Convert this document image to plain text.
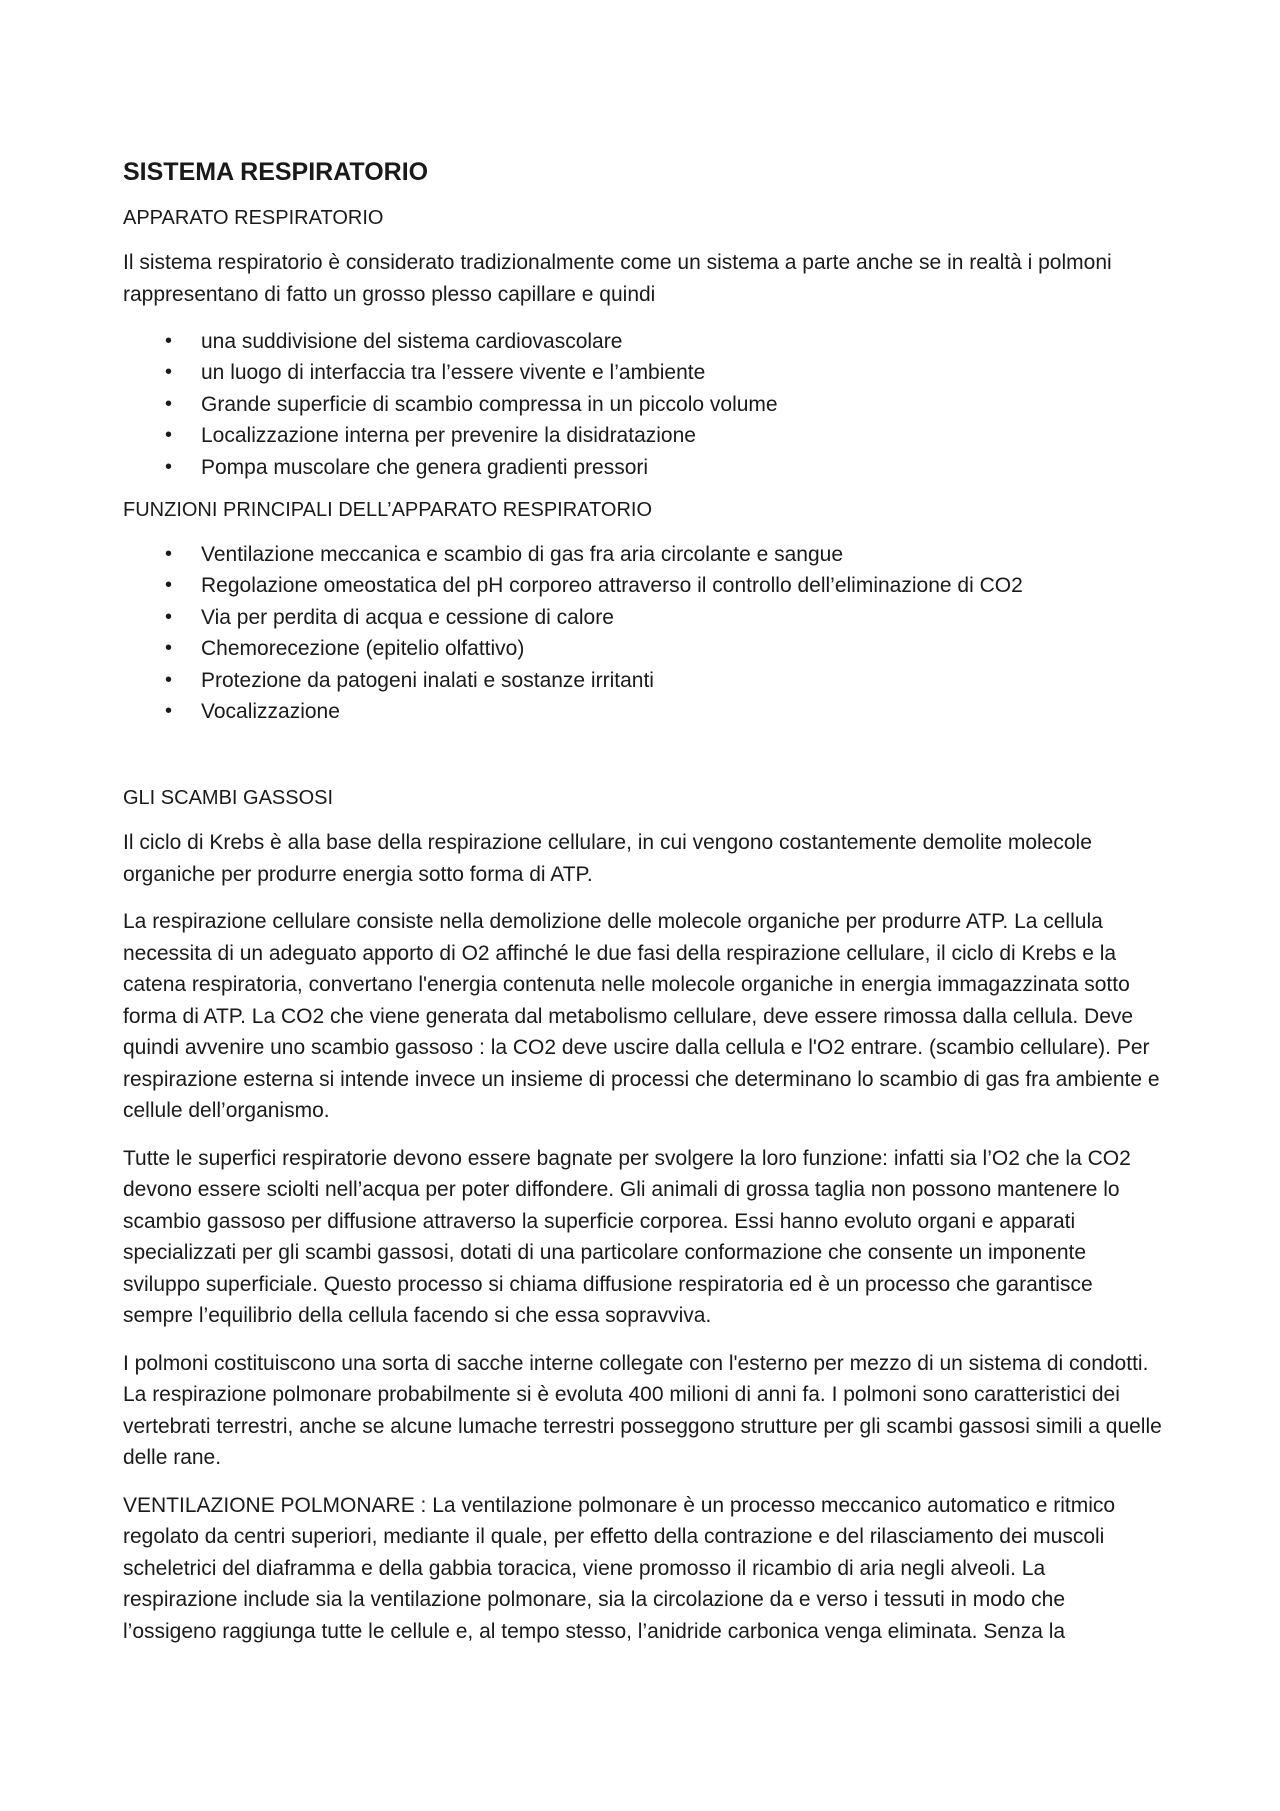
SISTEMA RESPIRATORIO
APPARATO RESPIRATORIO

Il sistema respiratorio è considerato tradizionalmente come un sistema a parte anche se in realtà i polmoni rappresentano di fatto un grosso plesso capillare e quindi

• una suddivisione del sistema cardiovascolare
• un luogo di interfaccia tra l’essere vivente e l’ambiente
• Grande superficie di scambio compressa in un piccolo volume
• Localizzazione interna per prevenire la disidratazione
• Pompa muscolare che genera gradienti pressori
FUNZIONI PRINCIPALI DELL’APPARATO RESPIRATORIO
• Ventilazione meccanica e scambio di gas fra aria circolante e sangue
• Regolazione omeostatica del pH corporeo attraverso il controllo dell’eliminazione di CO2
• Via per perdita di acqua e cessione di calore
• Chemorecezione (epitelio olfattivo)
• Protezione da patogeni inalati e sostanze irritanti
• Vocalizzazione
GLI SCAMBI GASSOSI

Il ciclo di Krebs è alla base della respirazione cellulare, in cui vengono costantemente demolite molecole organiche per produrre energia sotto forma di ATP.

La respirazione cellulare consiste nella demolizione delle molecole organiche per produrre ATP. La cellula necessita di un adeguato apporto di O2 affinché le due fasi della respirazione cellulare, il ciclo di Krebs e la catena respiratoria, convertano l'energia contenuta nelle molecole organiche in energia immagazzinata sotto forma di ATP. La CO2 che viene generata dal metabolismo cellulare, deve essere rimossa dalla cellula. Deve quindi avvenire uno scambio gassoso : la CO2 deve uscire dalla cellula e l'O2 entrare. (scambio cellulare). Per respirazione esterna si intende invece un insieme di processi che determinano lo scambio di gas fra ambiente e cellule dell’organismo.

Tutte le superfici respiratorie devono essere bagnate per svolgere la loro funzione: infatti sia l’O2 che la CO2 devono essere sciolti nell’acqua per poter diffondere. Gli animali di grossa taglia non possono mantenere lo scambio gassoso per diffusione attraverso la superficie corporea. Essi hanno evoluto organi e apparati specializzati per gli scambi gassosi, dotati di una particolare conformazione che consente un imponente sviluppo superficiale. Questo processo si chiama diffusione respiratoria ed è un processo che garantisce sempre l’equilibrio della cellula facendo si che essa sopravviva.

I polmoni costituiscono una sorta di sacche interne collegate con l'esterno per mezzo di un sistema di condotti. La respirazione polmonare probabilmente si è evoluta 400 milioni di anni fa. I polmoni sono caratteristici dei vertebrati terrestri, anche se alcune lumache terrestri posseggono strutture per gli scambi gassosi simili a quelle delle rane.

VENTILAZIONE POLMONARE : La ventilazione polmonare è un processo meccanico automatico e ritmico regolato da centri superiori, mediante il quale, per effetto della contrazione e del rilasciamento dei muscoli scheletrici del diaframma e della gabbia toracica, viene promosso il ricambio di aria negli alveoli. La respirazione include sia la ventilazione polmonare, sia la circolazione da e verso i tessuti in modo che l’ossigeno raggiunga tutte le cellule e, al tempo stesso, l’anidride carbonica venga eliminata. Senza la
